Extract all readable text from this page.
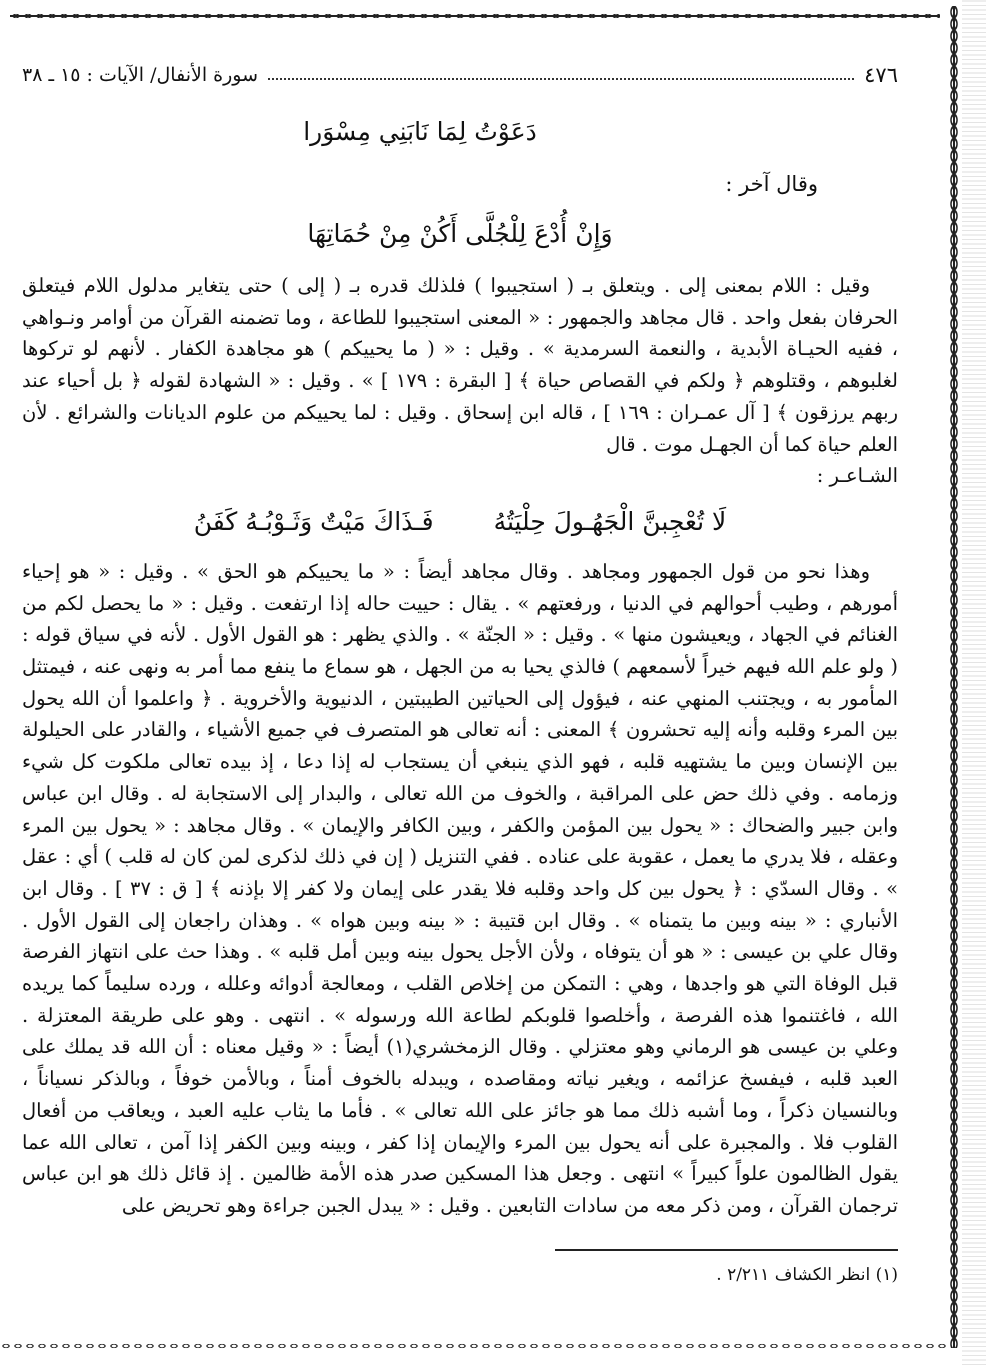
٤٧٦
سورة الأنفال/ الآيات : ١٥ ـ ٣٨
دَعَوْتُ لِمَا نَابَنِي مِسْوَرا
وقال آخر :
وَإِنْ أُدْعَ لِلْجُلَّى أَكُنْ مِنْ حُمَاتِهَا

وقيل : اللام بمعنى إلى . ويتعلق بـ ( استجيبوا ) فلذلك قدره بـ ( إلى ) حتى يتغاير مدلول اللام فيتعلق الحرفان بفعل واحد . قال مجاهد والجمهور : « المعنى استجيبوا للطاعة ، وما تضمنه القرآن من أوامر ونـواهي ، ففيه الحيـاة الأبدية ، والنعمة السرمدية » . وقيل : « ( ما يحييكم ) هو مجاهدة الكفار . لأنهم لو تركوها لغلبوهم ، وقتلوهم ﴿ ولكم في القصاص حياة ﴾ [ البقرة : ١٧٩ ] » . وقيل : « الشهادة لقوله ﴿ بل أحياء عند ربهم يرزقون ﴾ [ آل عمـران : ١٦٩ ] ، قاله ابن إسحاق . وقيل : لما يحييكم من علوم الديانات والشرائع . لأن العلم حياة كما أن الجهـل موت . قال
الشـاعـر :

لَا تُعْجِبنَّ الْجَهُـولَ حِلْيَتُهُفَـذَاكَ مَيْتٌ وَثَـوْبُـهُ كَفَنُ

وهذا نحو من قول الجمهور ومجاهد . وقال مجاهد أيضاً : « ما يحييكم هو الحق » . وقيل : « هو إحياء أمورهم ، وطيب أحوالهم في الدنيا ، ورفعتهم » . يقال : حييت حاله إذا ارتفعت . وقيل : « ما يحصل لكم من الغنائم في الجهاد ، ويعيشون منها » . وقيل : « الجنّة » . والذي يظهر : هو القول الأول . لأنه في سياق قوله : ( ولو علم الله فيهم خيراً لأسمعهم ) فالذي يحيا به من الجهل ، هو سماع ما ينفع مما أمر به ونهى عنه ، فيمتثل المأمور به ، ويجتنب المنهي عنه ، فيؤول إلى الحياتين الطيبتين ، الدنيوية والأخروية . ﴿ واعلموا أن الله يحول بين المرء وقلبه وأنه إليه تحشرون ﴾ المعنى : أنه تعالى هو المتصرف في جميع الأشياء ، والقادر على الحيلولة بين الإنسان وبين ما يشتهيه قلبه ، فهو الذي ينبغي أن يستجاب له إذا دعا ، إذ بيده تعالى ملكوت كل شيء وزمامه . وفي ذلك حض على المراقبة ، والخوف من الله تعالى ، والبدار إلى الاستجابة له . وقال ابن عباس وابن جبير والضحاك : « يحول بين المؤمن والكفر ، وبين الكافر والإيمان » . وقال مجاهد : « يحول بين المرء وعقله ، فلا يدري ما يعمل ، عقوبة على عناده . ففي التنزيل ( إن في ذلك لذكرى لمن كان له قلب ) أي : عقل » . وقال السدّي : ﴿ يحول بين كل واحد وقلبه فلا يقدر على إيمان ولا كفر إلا بإذنه ﴾ [ ق : ٣٧ ] . وقال ابن الأنباري : « بينه وبين ما يتمناه » . وقال ابن قتيبة : « بينه وبين هواه » . وهذان راجعان إلى القول الأول . وقال علي بن عيسى : « هو أن يتوفاه ، ولأن الأجل يحول بينه وبين أمل قلبه » . وهذا حث على انتهاز الفرصة قبل الوفاة التي هو واجدها ، وهي : التمكن من إخلاص القلب ، ومعالجة أدوائه وعلله ، ورده سليماً كما يريده الله ، فاغتنموا هذه الفرصة ، وأخلصوا قلوبكم لطاعة الله ورسوله » . انتهى . وهو على طريقة المعتزلة . وعلي بن عيسى هو الرماني وهو معتزلي . وقال الزمخشري(١) أيضاً : « وقيل معناه : أن الله قد يملك على العبد قلبه ، فيفسخ عزائمه ، ويغير نياته ومقاصده ، ويبدله بالخوف أمناً ، وبالأمن خوفاً ، وبالذكر نسياناً ، وبالنسيان ذكراً ، وما أشبه ذلك مما هو جائز على الله تعالى » . فأما ما يثاب عليه العبد ، ويعاقب من أفعال القلوب فلا . والمجبرة على أنه يحول بين المرء والإيمان إذا كفر ، وبينه وبين الكفر إذا آمن ، تعالى الله عما يقول الظالمون علواً كبيراً » انتهى . وجعل هذا المسكين صدر هذه الأمة ظالمين . إذ قائل ذلك هو ابن عباس ترجمان القرآن ، ومن ذكر معه من سادات التابعين . وقيل : « يبدل الجبن جراءة وهو تحريض على

(١) انظر الكشاف ٢/٢١١ .
